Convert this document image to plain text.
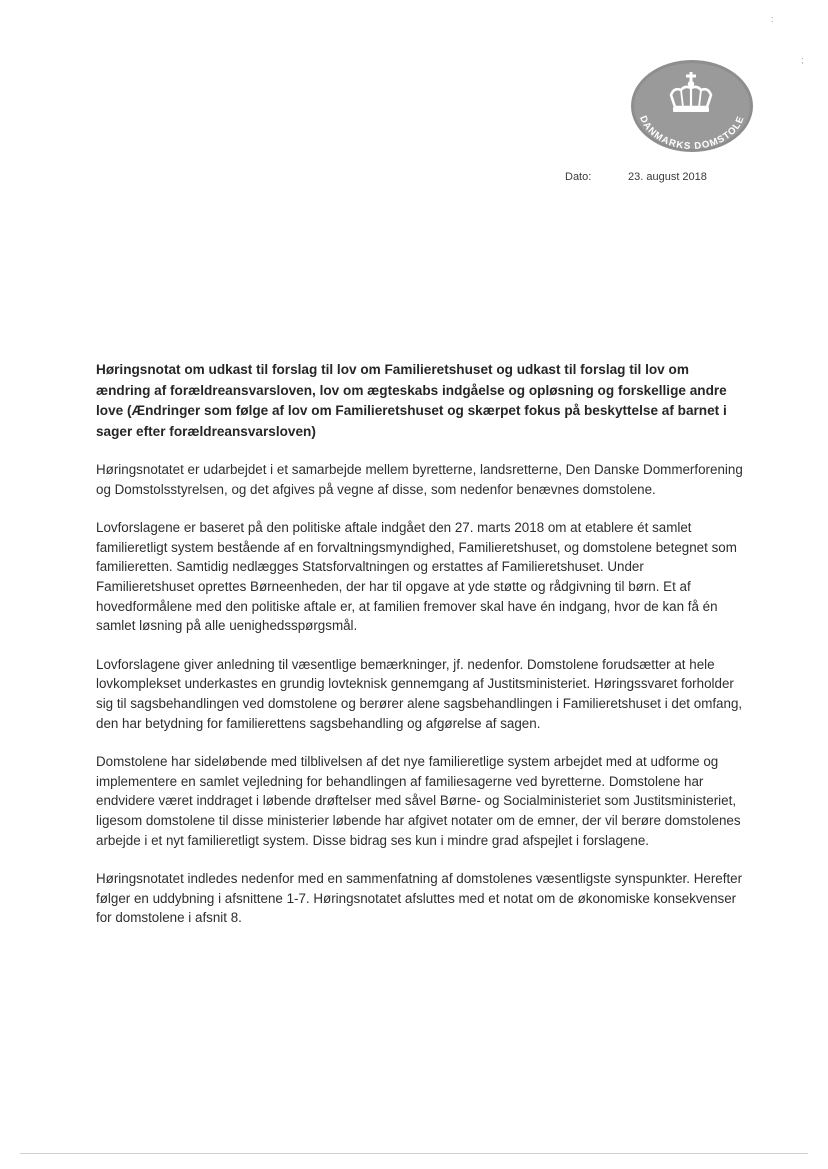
:
;
DANMARKS DOMSTOLE
Dato:	23. august 2018
Høringsnotat om udkast til forslag til lov om Familieretshuset og udkast til forslag til lov om ændring af forældreansvarsloven, lov om ægteskabs indgåelse og opløsning og forskellige andre love (Ændringer som følge af lov om Familieretshuset og skærpet fokus på beskyttelse af barnet i sager efter forældreansvarsloven)

Høringsnotatet er udarbejdet i et samarbejde mellem byretterne, landsretterne, Den Danske Dommerforening og Domstolsstyrelsen, og det afgives på vegne af disse, som nedenfor benævnes domstolene.

Lovforslagene er baseret på den politiske aftale indgået den 27. marts 2018 om at etablere ét samlet familieretligt system bestående af en forvaltningsmyndighed, Familieretshuset, og domstolene betegnet som familieretten. Samtidig nedlægges Statsforvaltningen og erstattes af Familieretshuset. Under Familieretshuset oprettes Børneenheden, der har til opgave at yde støtte og rådgivning til børn. Et af hovedformålene med den politiske aftale er, at familien fremover skal have én indgang, hvor de kan få én samlet løsning på alle uenighedsspørgsmål.

Lovforslagene giver anledning til væsentlige bemærkninger, jf. nedenfor. Domstolene forudsætter at hele lovkomplekset underkastes en grundig lovteknisk gennemgang af Justitsministeriet. Høringssvaret forholder sig til sagsbehandlingen ved domstolene og berører alene sagsbehandlingen i Familieretshuset i det omfang, den har betydning for familierettens sagsbehandling og afgørelse af sagen.

Domstolene har sideløbende med tilblivelsen af det nye familieretlige system arbejdet med at udforme og implementere en samlet vejledning for behandlingen af familiesagerne ved byretterne. Domstolene har endvidere været inddraget i løbende drøftelser med såvel Børne- og Socialministeriet som Justitsministeriet, ligesom domstolene til disse ministerier løbende har afgivet notater om de emner, der vil berøre domstolenes arbejde i et nyt familieretligt system. Disse bidrag ses kun i mindre grad afspejlet i forslagene.

Høringsnotatet indledes nedenfor med en sammenfatning af domstolenes væsentligste synspunkter. Herefter følger en uddybning i afsnittene 1-7. Høringsnotatet afsluttes med et notat om de økonomiske konsekvenser for domstolene i afsnit 8.
